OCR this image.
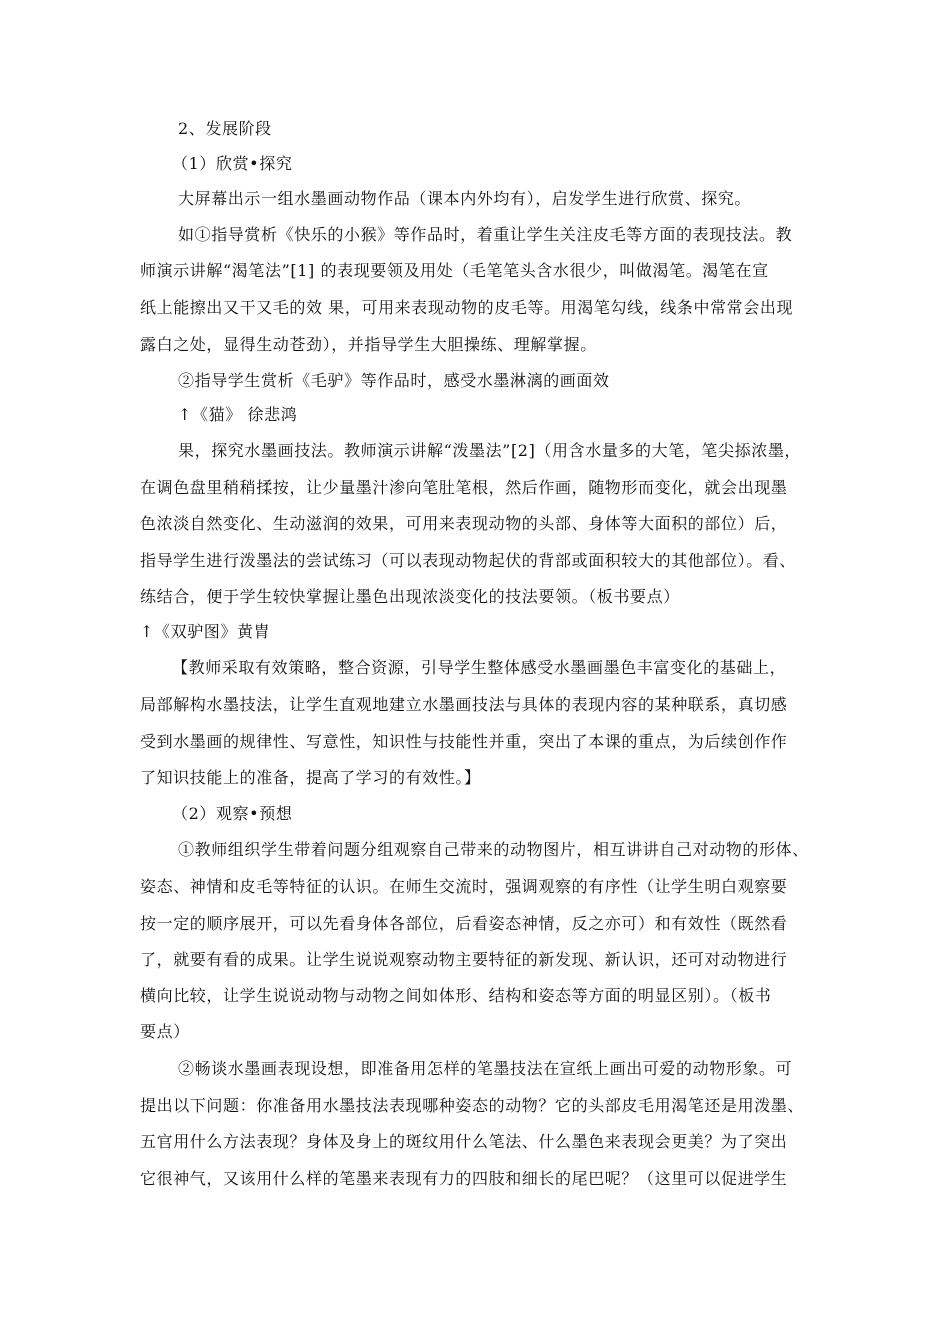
2、发展阶段
（1）欣赏•探究
大屏幕出示一组水墨画动物作品（课本内外均有），启发学生进行欣赏、探究。
如①指导赏析《快乐的小猴》等作品时，着重让学生关注皮毛等方面的表现技法。教
师演示讲解“渴笔法”[1] 的表现要领及用处（毛笔笔头含水很少，叫做渴笔。渴笔在宣
纸上能擦出又干又毛的效 果，可用来表现动物的皮毛等。用渴笔勾线，线条中常常会出现
露白之处，显得生动苍劲），并指导学生大胆操练、理解掌握。
②指导学生赏析《毛驴》等作品时，感受水墨淋漓的画面效
↑《猫》 徐悲鸿
果，探究水墨画技法。教师演示讲解“泼墨法”[2]（用含水量多的大笔，笔尖掭浓墨，
在调色盘里稍稍揉按，让少量墨汁渗向笔肚笔根，然后作画，随物形而变化，就会出现墨
色浓淡自然变化、生动滋润的效果，可用来表现动物的头部、身体等大面积的部位）后，
指导学生进行泼墨法的尝试练习（可以表现动物起伏的背部或面积较大的其他部位）。看、
练结合，便于学生较快掌握让墨色出现浓淡变化的技法要领。（板书要点）
↑《双驴图》黄胄
【教师采取有效策略，整合资源，引导学生整体感受水墨画墨色丰富变化的基础上，
局部解构水墨技法，让学生直观地建立水墨画技法与具体的表现内容的某种联系，真切感
受到水墨画的规律性、写意性，知识性与技能性并重，突出了本课的重点，为后续创作作
了知识技能上的准备，提高了学习的有效性。】
（2）观察•预想
①教师组织学生带着问题分组观察自己带来的动物图片，相互讲讲自己对动物的形体、
姿态、神情和皮毛等特征的认识。在师生交流时，强调观察的有序性（让学生明白观察要
按一定的顺序展开，可以先看身体各部位，后看姿态神情，反之亦可）和有效性（既然看
了，就要有看的成果。让学生说说观察动物主要特征的新发现、新认识，还可对动物进行
横向比较，让学生说说动物与动物之间如体形、结构和姿态等方面的明显区别）。（板书
要点）
②畅谈水墨画表现设想，即准备用怎样的笔墨技法在宣纸上画出可爱的动物形象。可
提出以下问题：你准备用水墨技法表现哪种姿态的动物？它的头部皮毛用渴笔还是用泼墨、
五官用什么方法表现？身体及身上的斑纹用什么笔法、什么墨色来表现会更美？为了突出
它很神气，又该用什么样的笔墨来表现有力的四肢和细长的尾巴呢？（这里可以促进学生
